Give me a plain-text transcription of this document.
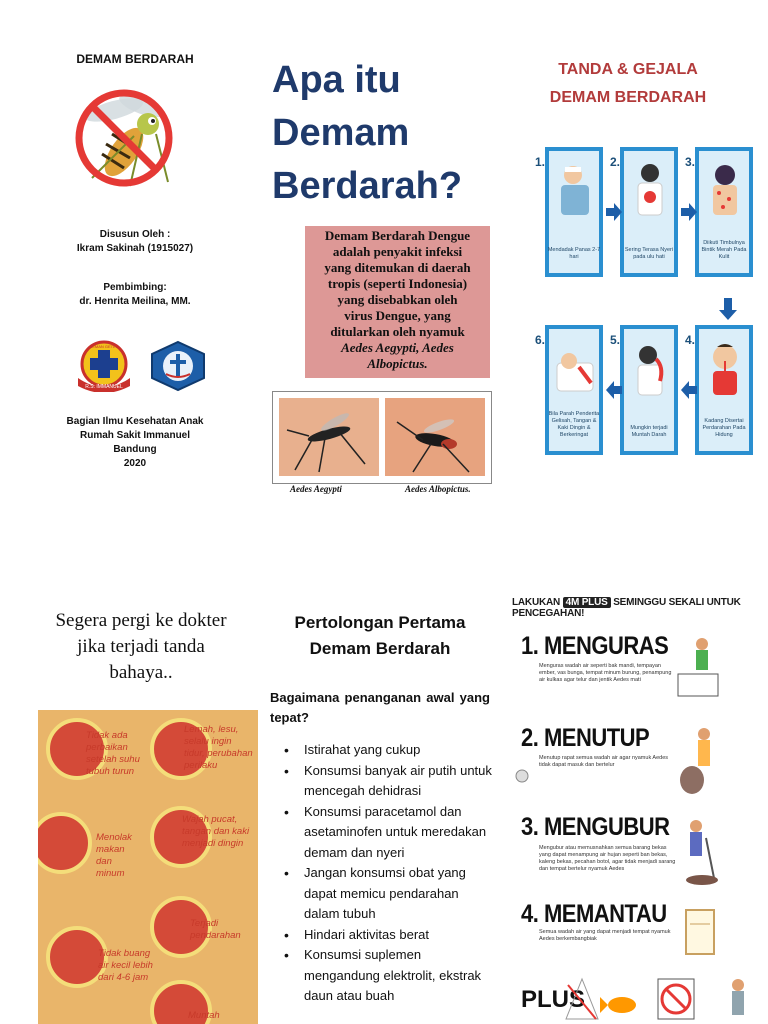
DEMAM BERDARAH
Disusun Oleh :
Ikram Sakinah (1915027)
Pembimbing:
dr. Henrita Meilina, MM.
R.S. IMMANUEL
HEMAN GETEN
Bagian Ilmu Kesehatan Anak
Rumah Sakit Immanuel
Bandung
2020
Apa itu
Demam
Berdarah?
Demam Berdarah Dengue
adalah penyakit infeksi
yang ditemukan di daerah
tropis (seperti Indonesia)
yang disebabkan oleh
virus Dengue, yang
ditularkan oleh nyamuk
Aedes Aegypti, Aedes
Albopictus.
Aedes Aegypti	Aedes Albopictus.
TANDA & GEJALA
DEMAM BERDARAH
1.
Mendadak Panas 2-7 hari
2.
Sering Terasa Nyeri pada ulu hati
3.
Diikuti Timbulnya Bintik Merah Pada Kulit
6.
Bila Parah Penderita Gelisah, Tangan & Kaki Dingin & Berkeringat
5.
Mungkin terjadi Muntah Darah
4.
Kadang Disertai Perdarahan Pada Hidung
Segera pergi ke dokter
jika terjadi tanda
bahaya..
Tidak ada perbaikan setelah suhu tubuh turun
Lemah, lesu, selalu ingin tidur, perubahan perilaku
Menolak makan dan minum
Wajah pucat, tangan dan kaki menjadi dingin
Terjadi pendarahan
Tidak buang air kecil lebih dari 4-6 jam
Muntah
Pertolongan Pertama
Demam Berdarah
Bagaimana penanganan awal yang tepat?
• Istirahat yang cukup
• Konsumsi banyak air putih untuk mencegah dehidrasi
• Konsumsi paracetamol dan asetaminofen untuk meredakan demam dan nyeri
• Jangan konsumsi obat yang dapat memicu pendarahan dalam tubuh
• Hindari aktivitas berat
• Konsumsi suplemen mengandung elektrolit, ekstrak daun atau buah
LAKUKAN 4M PLUS SEMINGGU SEKALI UNTUK PENCEGAHAN!
1. MENGURAS
Menguras wadah air seperti bak mandi, tempayan ember, vas bunga, tempat minum burung, penampung air kulkas agar telur dan jentik Aedes mati
2. MENUTUP
Menutup rapat semua wadah air agar nyamuk Aedes tidak dapat masuk dan bertelur
3. MENGUBUR
Mengubur atau memusnahkan semua barang bekas yang dapat menampung air hujan seperti ban bekas, kaleng bekas, pecahan botol, agar tidak menjadi sarang dan tempat bertelur nyamuk Aedes
4. MEMANTAU
Semua wadah air yang dapat menjadi tempat nyamuk Aedes berkembangbiak
PLUS
